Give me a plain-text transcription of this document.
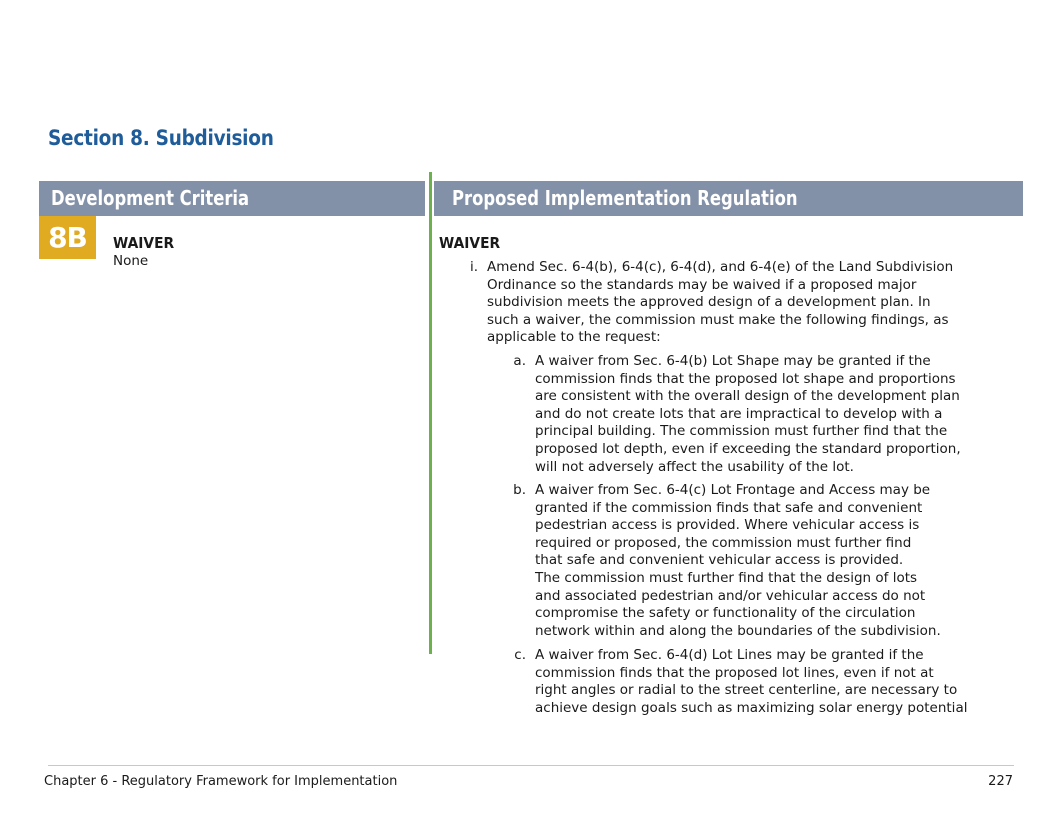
Section 8. Subdivision
Development Criteria	Proposed Implementation Regulation
8B	WAIVER
None
WAIVER
i. Amend Sec. 6-4(b), 6-4(c), 6-4(d), and 6-4(e) of the Land Subdivision
Ordinance so the standards may be waived if a proposed major
subdivision meets the approved design of a development plan. In
such a waiver, the commission must make the following findings, as
applicable to the request:
a. A waiver from Sec. 6-4(b) Lot Shape may be granted if the
commission finds that the proposed lot shape and proportions
are consistent with the overall design of the development plan
and do not create lots that are impractical to develop with a
principal building. The commission must further find that the
proposed lot depth, even if exceeding the standard proportion,
will not adversely affect the usability of the lot.
b. A waiver from Sec. 6-4(c) Lot Frontage and Access may be
granted if the commission finds that safe and convenient
pedestrian access is provided. Where vehicular access is
required or proposed, the commission must further find
that safe and convenient vehicular access is provided.
The commission must further find that the design of lots
and associated pedestrian and/or vehicular access do not
compromise the safety or functionality of the circulation
network within and along the boundaries of the subdivision.
c. A waiver from Sec. 6-4(d) Lot Lines may be granted if the
commission finds that the proposed lot lines, even if not at
right angles or radial to the street centerline, are necessary to
achieve design goals such as maximizing solar energy potential
Chapter 6 - Regulatory Framework for Implementation	227
